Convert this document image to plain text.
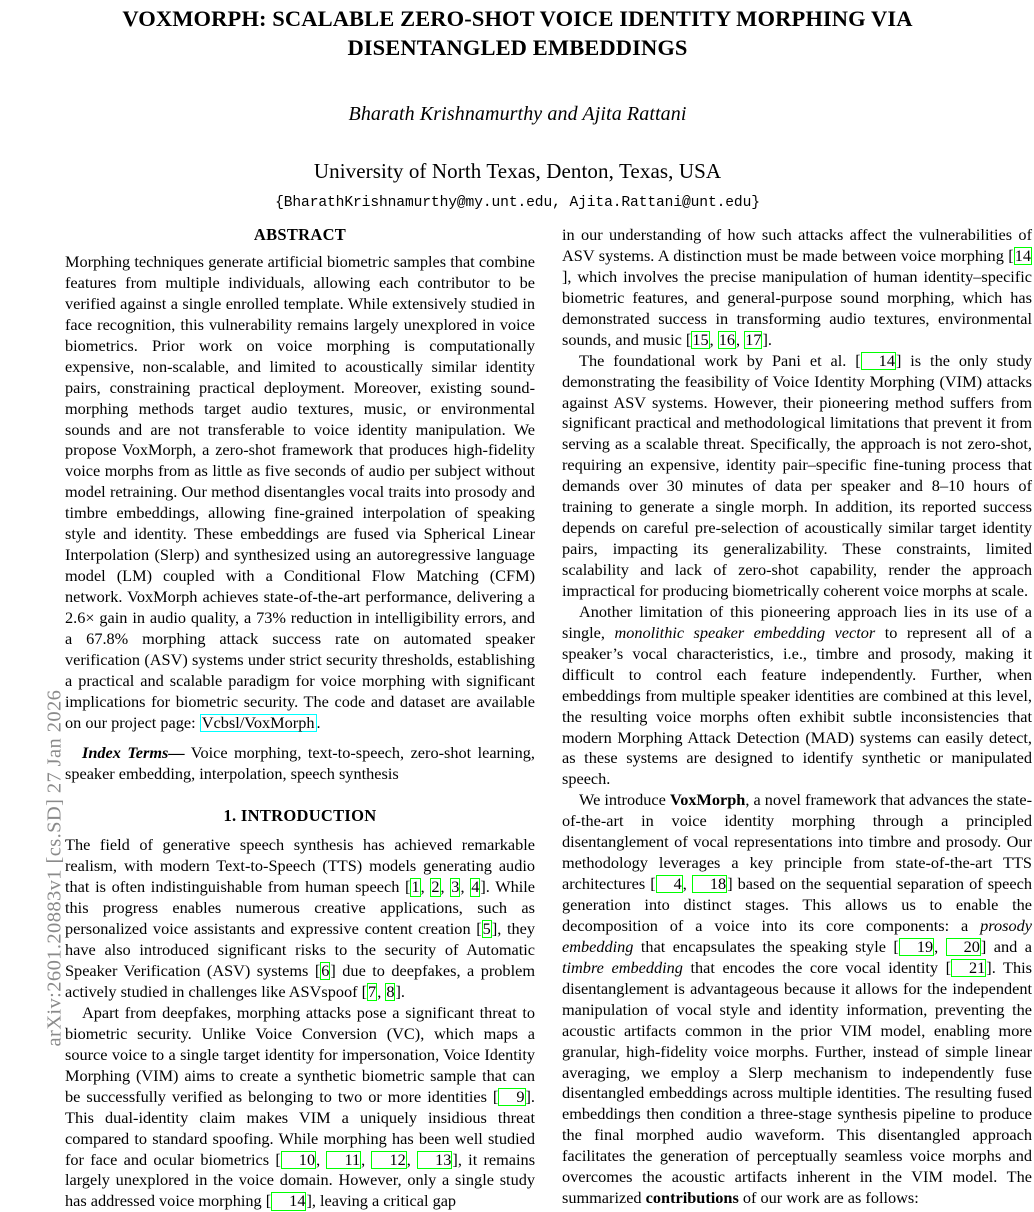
arXiv:2601.20883v1 [cs.SD] 27 Jan 2026
VOXMORPH: SCALABLE ZERO-SHOT VOICE IDENTITY MORPHING VIA DISENTANGLED EMBEDDINGS
Bharath Krishnamurthy and Ajita Rattani
University of North Texas, Denton, Texas, USA
{BharathKrishnamurthy@my.unt.edu, Ajita.Rattani@unt.edu}
ABSTRACT

Morphing techniques generate artificial biometric samples that combine features from multiple individuals, allowing each contributor to be verified against a single enrolled template. While extensively studied in face recognition, this vulnerability remains largely unexplored in voice biometrics. Prior work on voice morphing is computationally expensive, non-scalable, and limited to acoustically similar identity pairs, constraining practical deployment. Moreover, existing sound-morphing methods target audio textures, music, or environmental sounds and are not transferable to voice identity manipulation. We propose VoxMorph, a zero-shot framework that produces high-fidelity voice morphs from as little as five seconds of audio per subject without model retraining. Our method disentangles vocal traits into prosody and timbre embeddings, allowing fine-grained interpolation of speaking style and identity. These embeddings are fused via Spherical Linear Interpolation (Slerp) and synthesized using an autoregressive language model (LM) coupled with a Conditional Flow Matching (CFM) network. VoxMorph achieves state-of-the-art performance, delivering a 2.6× gain in audio quality, a 73% reduction in intelligibility errors, and a 67.8% morphing attack success rate on automated speaker verification (ASV) systems under strict security thresholds, establishing a practical and scalable paradigm for voice morphing with significant implications for biometric security. The code and dataset are available on our project page: Vcbsl/VoxMorph .

Index Terms— Voice morphing, text-to-speech, zero-shot learning, speaker embedding, interpolation, speech synthesis

1. INTRODUCTION

The field of generative speech synthesis has achieved remarkable realism, with modern Text-to-Speech (TTS) models generating audio that is often indistinguishable from human speech [1, 2, 3, 4]. While this progress enables numerous creative applications, such as personalized voice assistants and expressive content creation [5], they have also introduced significant risks to the security of Automatic Speaker Verification (ASV) systems [6] due to deepfakes, a problem actively studied in challenges like ASVspoof [7, 8].

Apart from deepfakes, morphing attacks pose a significant threat to biometric security. Unlike Voice Conversion (VC), which maps a source voice to a single target identity for impersonation, Voice Identity Morphing (VIM) aims to create a synthetic biometric sample that can be successfully verified as belonging to two or more identities [ 9]. This dual-identity claim makes VIM a uniquely insidious threat compared to standard spoofing. While morphing has been well studied for face and ocular biometrics [ 10, 11, 12, 13], it remains largely unexplored in the voice domain. However, only a single study has addressed voice morphing [ 14], leaving a critical gap

in our understanding of how such attacks affect the vulnerabilities of ASV systems. A distinction must be made between voice morphing [14], which involves the precise manipulation of human identity–specific biometric features, and general-purpose sound morphing, which has demonstrated success in transforming audio textures, environmental sounds, and music [15, 16, 17].

The foundational work by Pani et al. [ 14] is the only study demonstrating the feasibility of Voice Identity Morphing (VIM) attacks against ASV systems. However, their pioneering method suffers from significant practical and methodological limitations that prevent it from serving as a scalable threat. Specifically, the approach is not zero-shot, requiring an expensive, identity pair–specific fine-tuning process that demands over 30 minutes of data per speaker and 8–10 hours of training to generate a single morph. In addition, its reported success depends on careful pre-selection of acoustically similar target identity pairs, impacting its generalizability. These constraints, limited scalability and lack of zero-shot capability, render the approach impractical for producing biometrically coherent voice morphs at scale.

Another limitation of this pioneering approach lies in its use of a single, monolithic speaker embedding vector to represent all of a speaker’s vocal characteristics, i.e., timbre and prosody, making it difficult to control each feature independently. Further, when embeddings from multiple speaker identities are combined at this level, the resulting voice morphs often exhibit subtle inconsistencies that modern Morphing Attack Detection (MAD) systems can easily detect, as these systems are designed to identify synthetic or manipulated speech.

We introduce VoxMorph, a novel framework that advances the state-of-the-art in voice identity morphing through a principled disentanglement of vocal representations into timbre and prosody. Our methodology leverages a key principle from state-of-the-art TTS architectures [ 4, 18] based on the sequential separation of speech generation into distinct stages. This allows us to enable the decomposition of a voice into its core components: a prosody embedding that encapsulates the speaking style [ 19, 20] and a timbre embedding that encodes the core vocal identity [ 21]. This disentanglement is advantageous because it allows for the independent manipulation of vocal style and identity information, preventing the acoustic artifacts common in the prior VIM model, enabling more granular, high-fidelity voice morphs. Further, instead of simple linear averaging, we employ a Slerp mechanism to independently fuse disentangled embeddings across multiple identities. The resulting fused embeddings then condition a three-stage synthesis pipeline to produce the final morphed audio waveform. This disentangled approach facilitates the generation of perceptually seamless voice morphs and overcomes the acoustic artifacts inherent in the VIM model. The summarized contributions of our work are as follows:
